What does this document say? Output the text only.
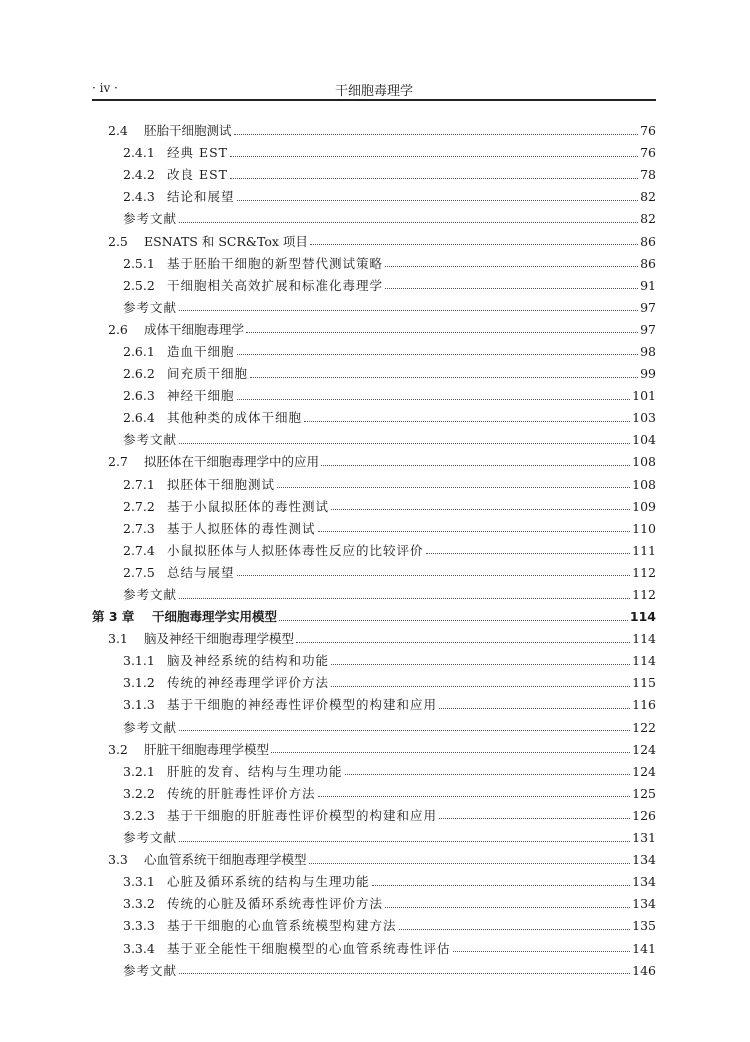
· iv ·	干细胞毒理学
2.4	胚胎干细胞测试	76
2.4.1 经典 EST	76
2.4.2 改良 EST	78
2.4.3 结论和展望	82
参考文献	82
2.5	ESNATS 和 SCR&Tox 项目	86
2.5.1 基于胚胎干细胞的新型替代测试策略	86
2.5.2 干细胞相关高效扩展和标准化毒理学	91
参考文献	97
2.6	成体干细胞毒理学	97
2.6.1 造血干细胞	98
2.6.2 间充质干细胞	99
2.6.3 神经干细胞	101
2.6.4 其他种类的成体干细胞	103
参考文献	104
2.7	拟胚体在干细胞毒理学中的应用	108
2.7.1 拟胚体干细胞测试	108
2.7.2 基于小鼠拟胚体的毒性测试	109
2.7.3 基于人拟胚体的毒性测试	110
2.7.4 小鼠拟胚体与人拟胚体毒性反应的比较评价	111
2.7.5 总结与展望	112
参考文献	112
第 3 章	干细胞毒理学实用模型	114
3.1	脑及神经干细胞毒理学模型	114
3.1.1 脑及神经系统的结构和功能	114
3.1.2 传统的神经毒理学评价方法	115
3.1.3 基于干细胞的神经毒性评价模型的构建和应用	116
参考文献	122
3.2	肝脏干细胞毒理学模型	124
3.2.1 肝脏的发育、结构与生理功能	124
3.2.2 传统的肝脏毒性评价方法	125
3.2.3 基于干细胞的肝脏毒性评价模型的构建和应用	126
参考文献	131
3.3	心血管系统干细胞毒理学模型	134
3.3.1 心脏及循环系统的结构与生理功能	134
3.3.2 传统的心脏及循环系统毒性评价方法	134
3.3.3 基于干细胞的心血管系统模型构建方法	135
3.3.4 基于亚全能性干细胞模型的心血管系统毒性评估	141
参考文献	146
